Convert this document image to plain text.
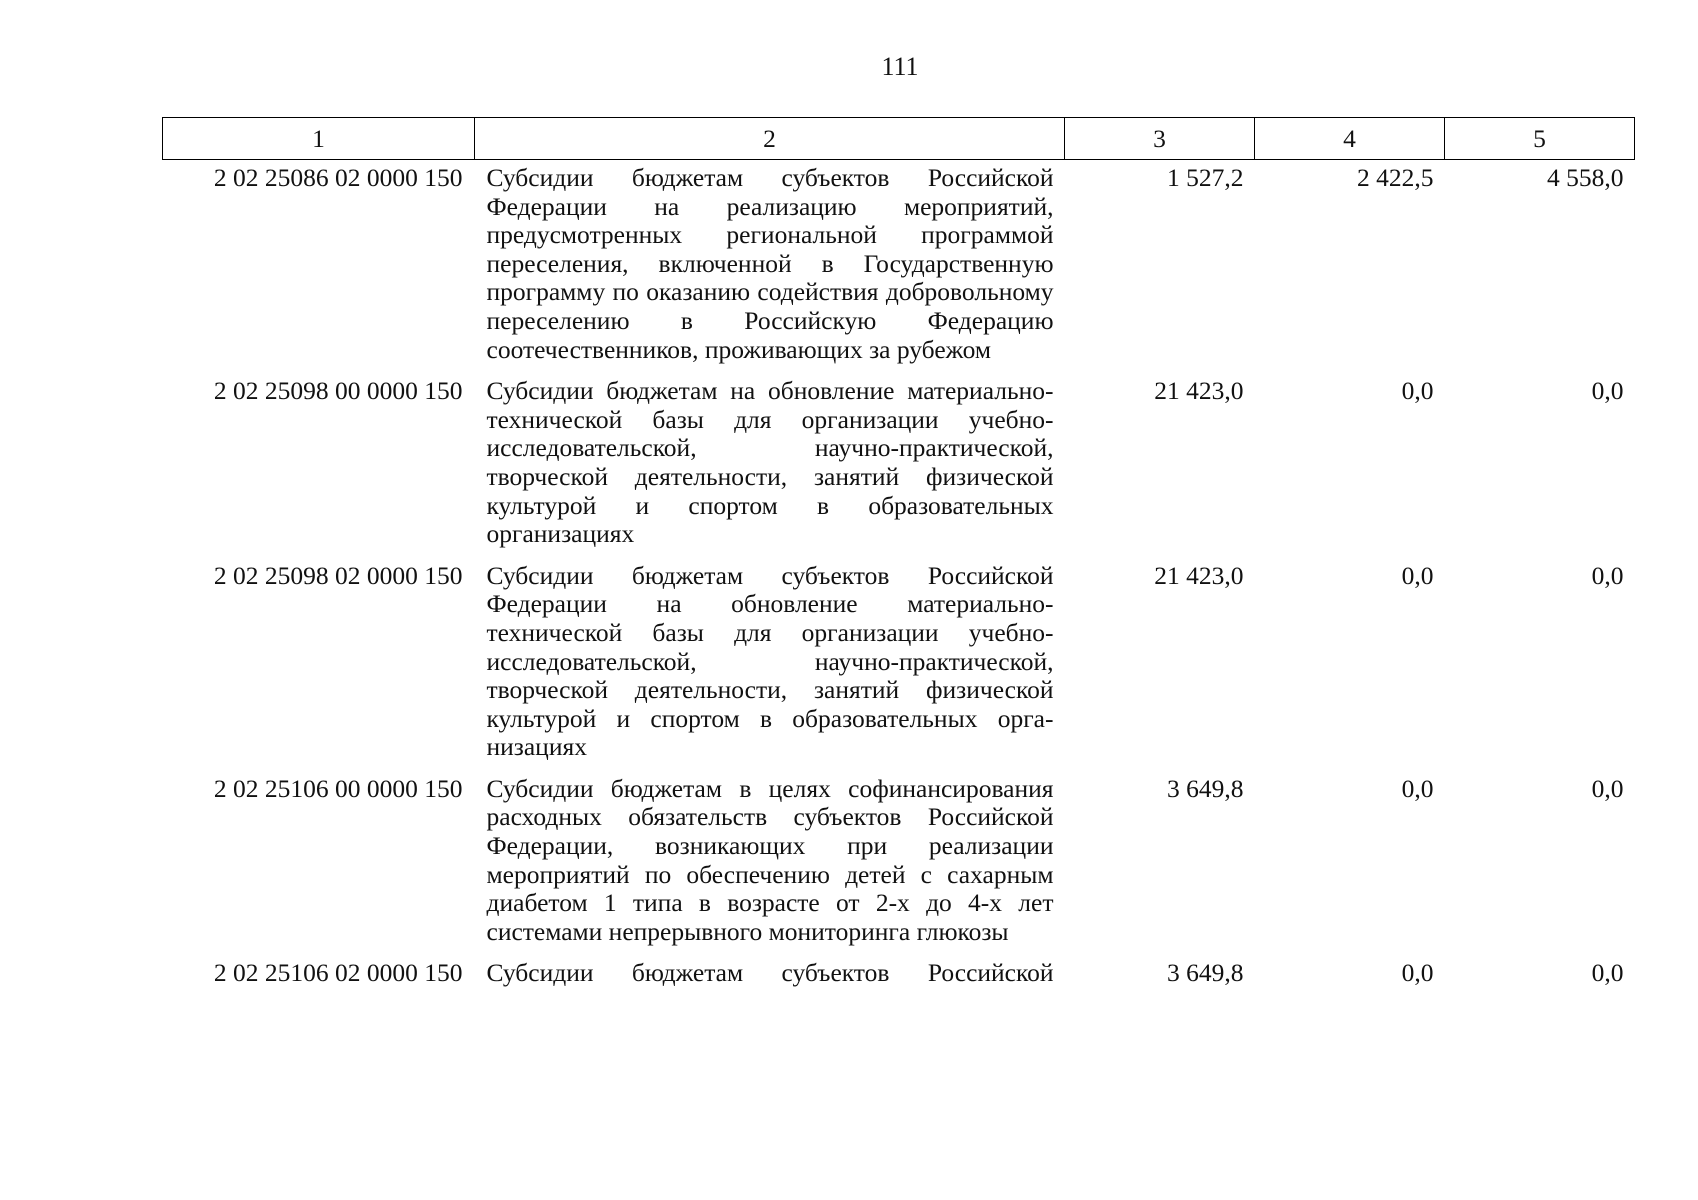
111
1	2	3	4	5
2 02 25086 02 0000 150	Субсидии бюджетам субъектов Российской Федерации на реализацию мероприятий, предусмотренных региональной программой переселения, включенной в Государственную программу по оказанию содействия добровольному переселению в Российскую Федерацию соотечественников, проживающих за рубежом	1 527,2	2 422,5	4 558,0
2 02 25098 00 0000 150	Субсидии бюджетам на обновление материально-технической базы для организации учебно-исследовательской, научно-практической, творческой деятельности, занятий физической культурой и спортом в образовательных организациях	21 423,0	0,0	0,0
2 02 25098 02 0000 150	Субсидии бюджетам субъектов Российской Федерации на обновление материально-технической базы для организации учебно-исследовательской, научно-практической, творческой деятельности, занятий физической культурой и спортом в образовательных организациях	21 423,0	0,0	0,0
2 02 25106 00 0000 150	Субсидии бюджетам в целях софинансирования расходных обязательств субъектов Российской Федерации, возникающих при реализации мероприятий по обеспечению детей с сахарным диабетом 1 типа в возрасте от 2-х до 4-х лет системами непрерывного мониторинга глюкозы	3 649,8	0,0	0,0
2 02 25106 02 0000 150	Субсидии бюджетам субъектов Российской	3 649,8	0,0	0,0
